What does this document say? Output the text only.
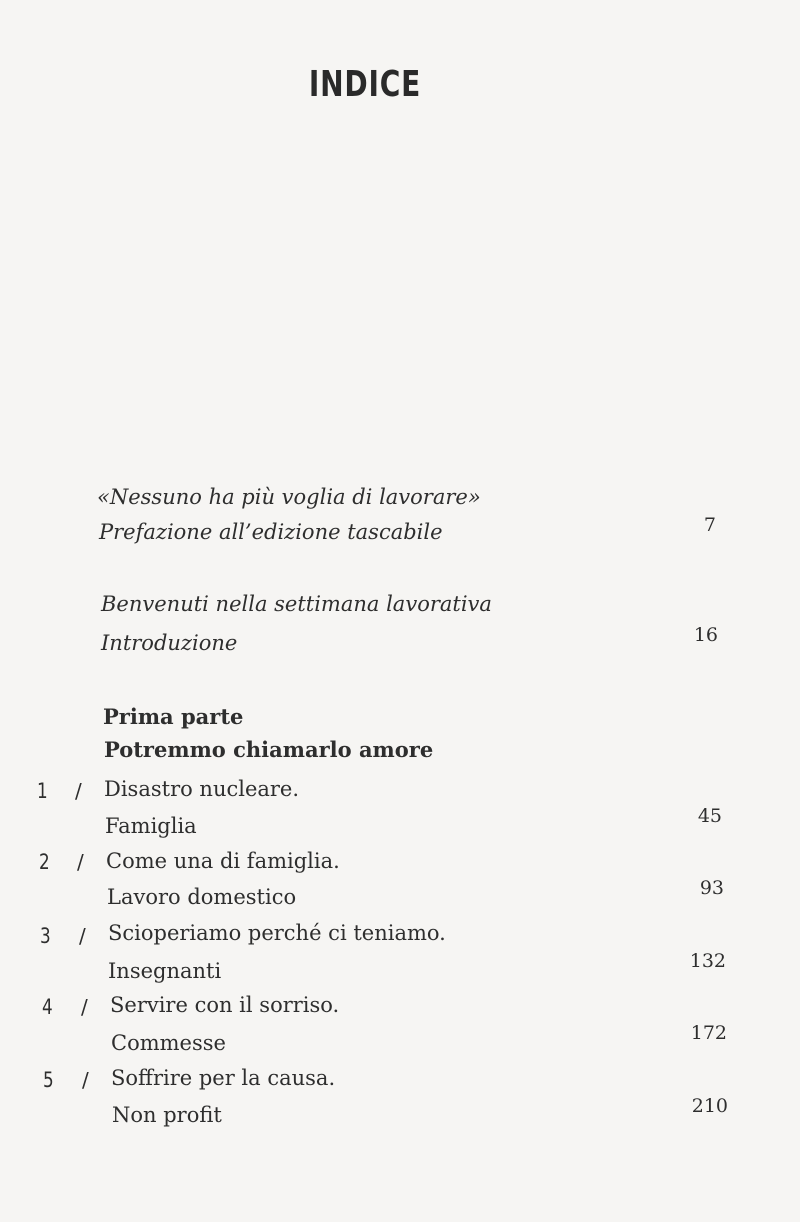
INDICE
«Nessuno ha più voglia di lavorare»
Prefazione all’edizione tascabile	7
Benvenuti nella settimana lavorativa
Introduzione	16
Prima parte
Potremmo chiamarlo amore
1 / Disastro nucleare.
Famiglia	45
2 / Come una di famiglia.
Lavoro domestico	93
3 / Scioperiamo perché ci teniamo.
Insegnanti	132
4 / Servire con il sorriso.
Commesse	172
5 / Soffrire per la causa.
Non profit	210
